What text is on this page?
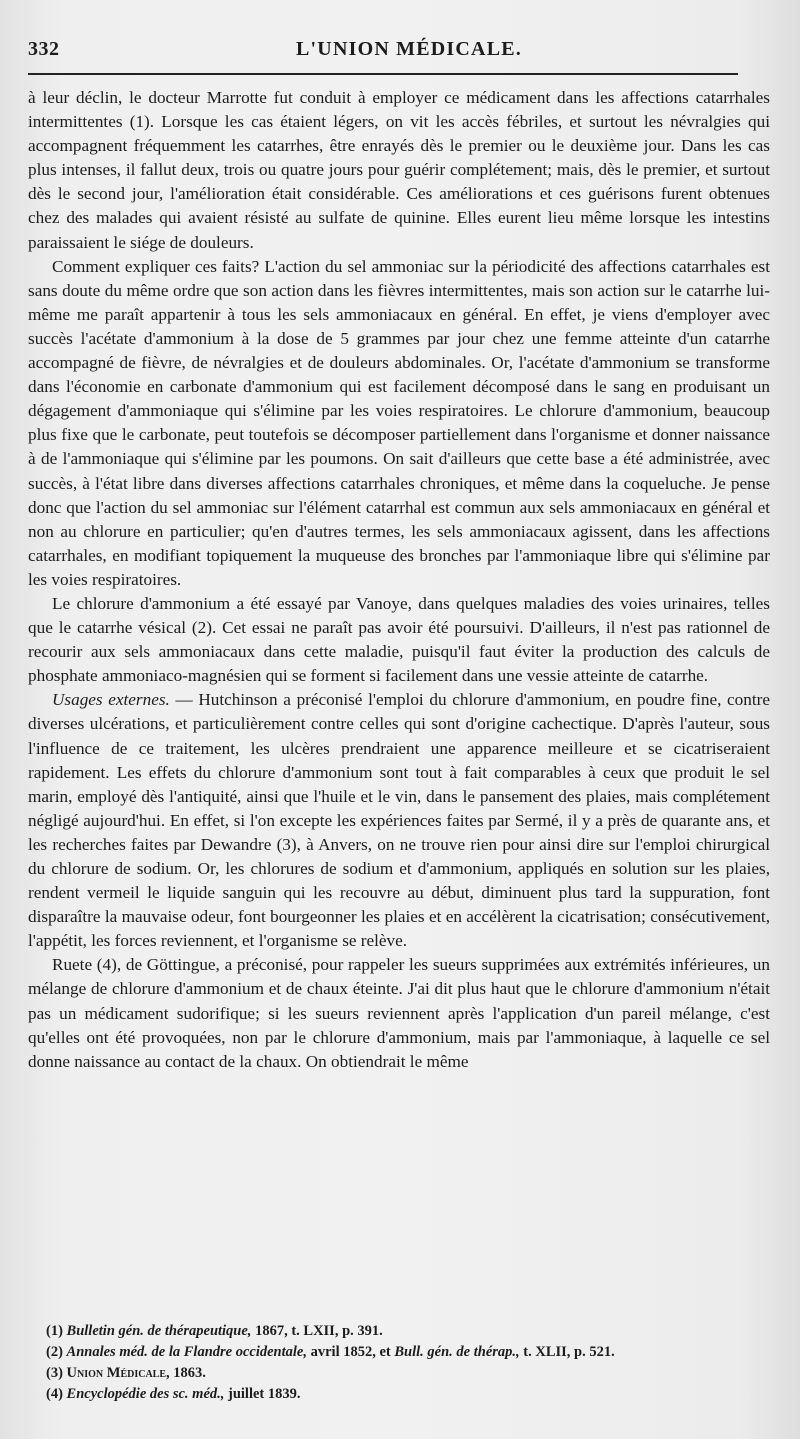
332	L'UNION MÉDICALE.

à leur déclin, le docteur Marrotte fut conduit à employer ce médicament dans les affections catarrhales intermittentes (1). Lorsque les cas étaient légers, on vit les accès fébriles, et surtout les névralgies qui accompagnent fréquemment les catarrhes, être enrayés dès le premier ou le deuxième jour. Dans les cas plus intenses, il fallut deux, trois ou quatre jours pour guérir complétement; mais, dès le premier, et surtout dès le second jour, l'amélioration était considérable. Ces améliorations et ces guérisons furent obtenues chez des malades qui avaient résisté au sulfate de quinine. Elles eurent lieu même lorsque les intestins paraissaient le siége de douleurs.

Comment expliquer ces faits? L'action du sel ammoniac sur la périodicité des affections catarrhales est sans doute du même ordre que son action dans les fièvres intermittentes, mais son action sur le catarrhe lui-même me paraît appartenir à tous les sels ammoniacaux en général. En effet, je viens d'employer avec succès l'acétate d'ammonium à la dose de 5 grammes par jour chez une femme atteinte d'un catarrhe accompagné de fièvre, de névralgies et de douleurs abdominales. Or, l'acétate d'ammonium se transforme dans l'économie en carbonate d'ammonium qui est facilement décomposé dans le sang en produisant un dégagement d'ammoniaque qui s'élimine par les voies respiratoires. Le chlorure d'ammonium, beaucoup plus fixe que le carbonate, peut toutefois se décomposer partiellement dans l'organisme et donner naissance à de l'ammoniaque qui s'élimine par les poumons. On sait d'ailleurs que cette base a été administrée, avec succès, à l'état libre dans diverses affections catarrhales chroniques, et même dans la coqueluche. Je pense donc que l'action du sel ammoniac sur l'élément catarrhal est commun aux sels ammoniacaux en général et non au chlorure en particulier; qu'en d'autres termes, les sels ammoniacaux agissent, dans les affections catarrhales, en modifiant topiquement la muqueuse des bronches par l'ammoniaque libre qui s'élimine par les voies respiratoires.

Le chlorure d'ammonium a été essayé par Vanoye, dans quelques maladies des voies urinaires, telles que le catarrhe vésical (2). Cet essai ne paraît pas avoir été poursuivi. D'ailleurs, il n'est pas rationnel de recourir aux sels ammoniacaux dans cette maladie, puisqu'il faut éviter la production des calculs de phosphate ammoniaco-magnésien qui se forment si facilement dans une vessie atteinte de catarrhe.

Usages externes. — Hutchinson a préconisé l'emploi du chlorure d'ammonium, en poudre fine, contre diverses ulcérations, et particulièrement contre celles qui sont d'origine cachectique. D'après l'auteur, sous l'influence de ce traitement, les ulcères prendraient une apparence meilleure et se cicatriseraient rapidement. Les effets du chlorure d'ammonium sont tout à fait comparables à ceux que produit le sel marin, employé dès l'antiquité, ainsi que l'huile et le vin, dans le pansement des plaies, mais complétement négligé aujourd'hui. En effet, si l'on excepte les expériences faites par Sermé, il y a près de quarante ans, et les recherches faites par Dewandre (3), à Anvers, on ne trouve rien pour ainsi dire sur l'emploi chirurgical du chlorure de sodium. Or, les chlorures de sodium et d'ammonium, appliqués en solution sur les plaies, rendent vermeil le liquide sanguin qui les recouvre au début, diminuent plus tard la suppuration, font disparaître la mauvaise odeur, font bourgeonner les plaies et en accélèrent la cicatrisation; consécutivement, l'appétit, les forces reviennent, et l'organisme se relève.

Ruete (4), de Göttingue, a préconisé, pour rappeler les sueurs supprimées aux extrémités inférieures, un mélange de chlorure d'ammonium et de chaux éteinte. J'ai dit plus haut que le chlorure d'ammonium n'était pas un médicament sudorifique; si les sueurs reviennent après l'application d'un pareil mélange, c'est qu'elles ont été provoquées, non par le chlorure d'ammonium, mais par l'ammoniaque, à laquelle ce sel donne naissance au contact de la chaux. On obtiendrait le même

(1) Bulletin gén. de thérapeutique, 1867, t. LXII, p. 391.
(2) Annales méd. de la Flandre occidentale, avril 1852, et Bull. gén. de thérap., t. XLII, p. 521.
(3) Union Médicale, 1863.
(4) Encyclopédie des sc. méd., juillet 1839.
